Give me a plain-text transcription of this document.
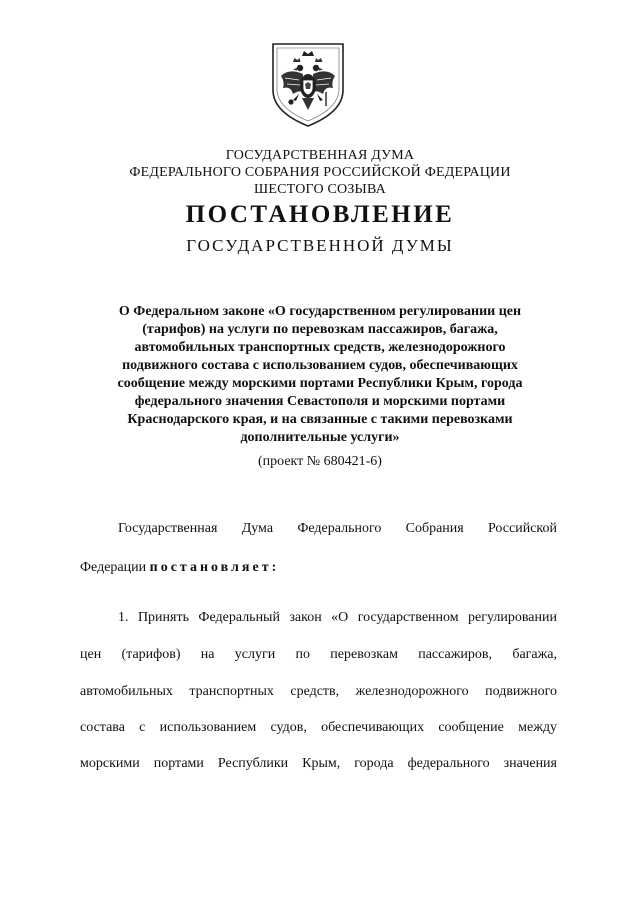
ГОСУДАРСТВЕННАЯ ДУМА
ФЕДЕРАЛЬНОГО СОБРАНИЯ РОССИЙСКОЙ ФЕДЕРАЦИИ
ШЕСТОГО СОЗЫВА
ПОСТАНОВЛЕНИЕ
ГОСУДАРСТВЕННОЙ ДУМЫ
О Федеральном законе «О государственном регулировании цен
(тарифов) на услуги по перевозкам пассажиров, багажа,
автомобильных транспортных средств, железнодорожного
подвижного состава с использованием судов, обеспечивающих
сообщение между морскими портами Республики Крым, города
федерального значения Севастополя и морскими портами
Краснодарского края, и на связанные с такими перевозками
дополнительные услуги»
(проект № 680421-6)
Государственная Дума Федерального Собрания Российской
Федерации постановляет:
1. Принять Федеральный закон «О государственном регулировании
цен (тарифов) на услуги по перевозкам пассажиров, багажа,
автомобильных транспортных средств, железнодорожного подвижного
состава с использованием судов, обеспечивающих сообщение между
морскими портами Республики Крым, города федерального значения
